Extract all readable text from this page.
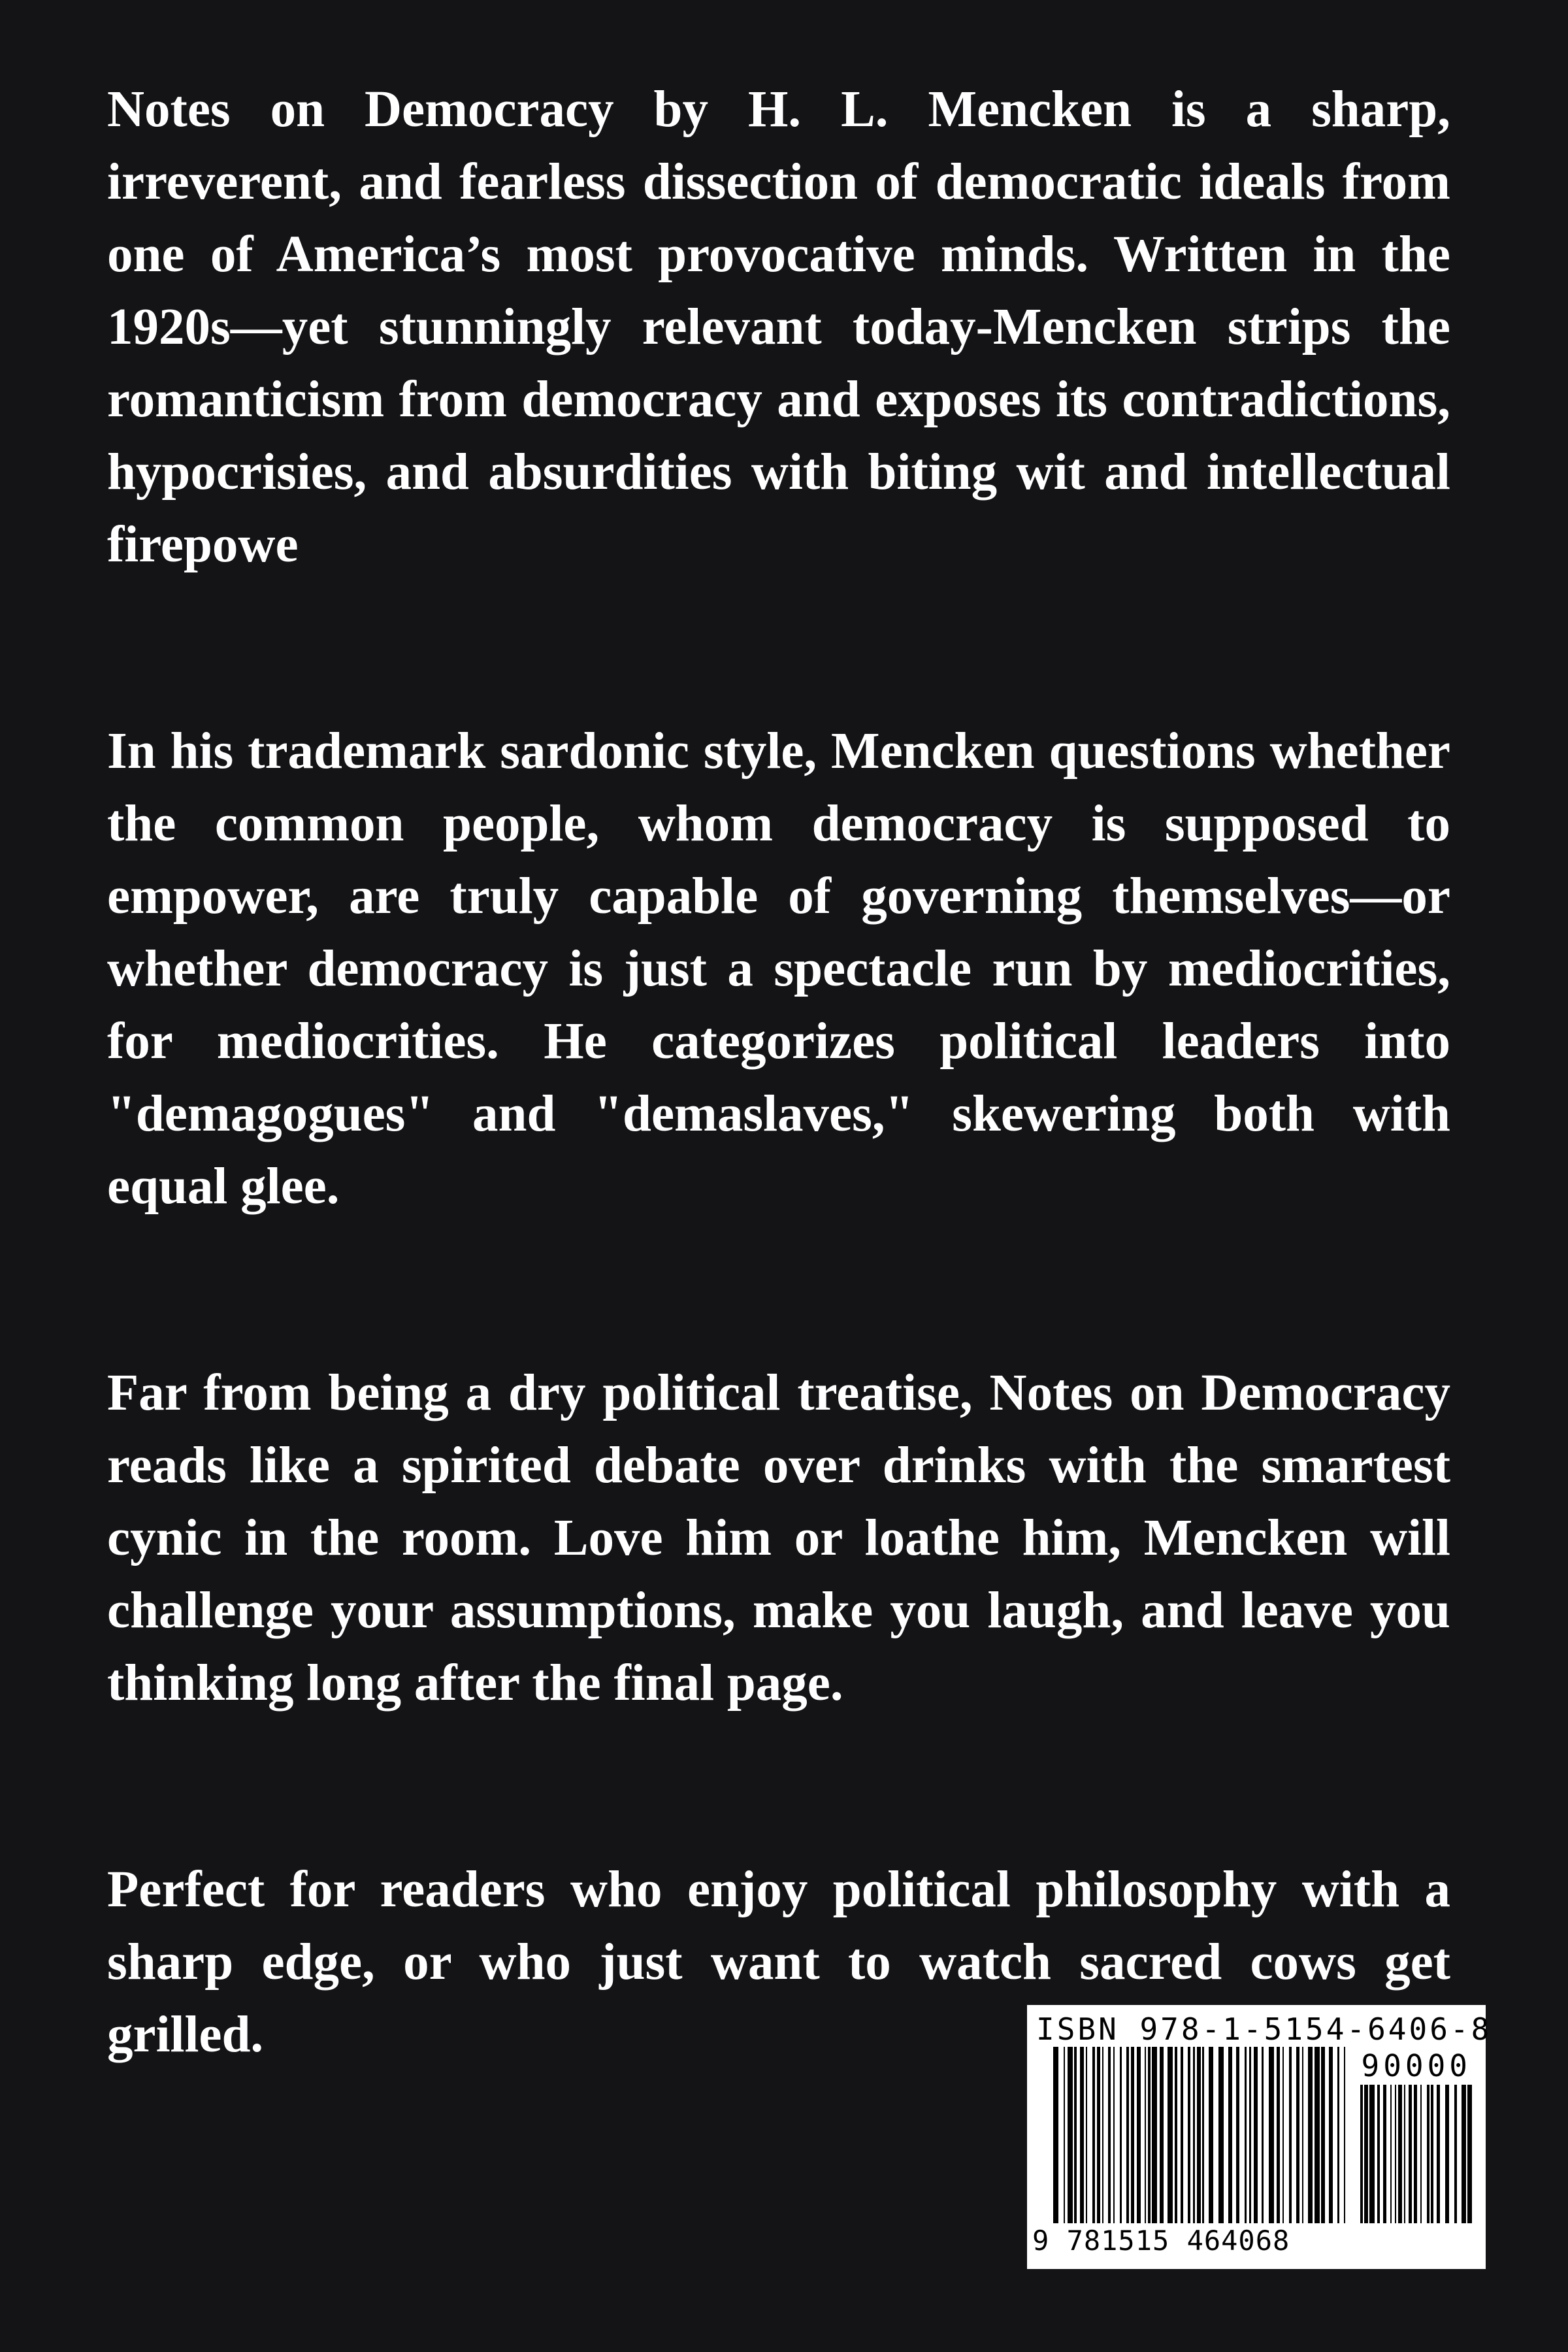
Notes on Democracy by H. L. Mencken is a sharp, irreverent, and fearless dissection of democratic ideals from one of America’s most provocative minds. Written in the 1920s—yet stunningly relevant today-Mencken strips the romanticism from democracy and exposes its contradictions, hypocrisies, and absurdities with biting wit and intellectual firepowe

In his trademark sardonic style, Mencken questions whether the common people, whom democracy is supposed to empower, are truly capable of governing themselves—or whether democracy is just a spectacle run by mediocrities, for mediocrities. He categorizes political leaders into "demagogues" and "demaslaves," skewering both with equal glee.

Far from being a dry political treatise, Notes on Democracy reads like a spirited debate over drinks with the smartest cynic in the room. Love him or loathe him, Mencken will challenge your assumptions, make you laugh, and leave you thinking long after the final page.

Perfect for readers who enjoy political philosophy with a sharp edge, or who just want to watch sacred cows get grilled.	ISBN 978-1-5154-6406-8
90000
9 781515 464068
